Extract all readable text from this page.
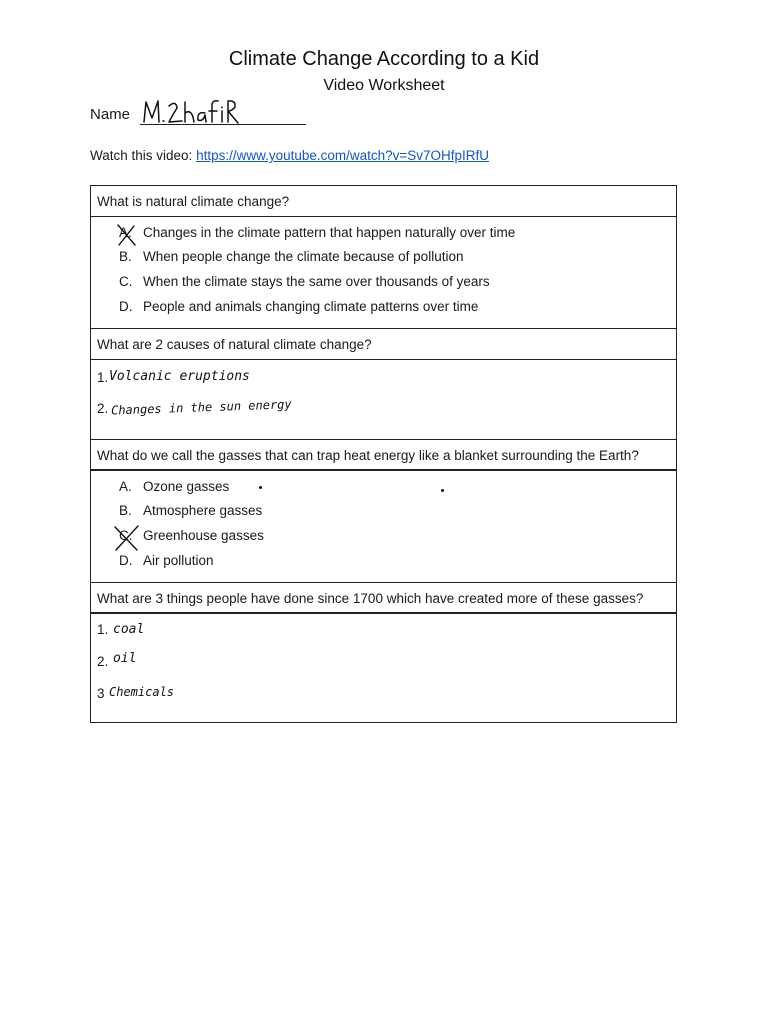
Climate Change According to a Kid
Video Worksheet
Name
Watch this video: https://www.youtube.com/watch?v=Sv7OHfpIRfU
What is natural climate change?
A. Changes in the climate pattern that happen naturally over time
B. When people change the climate because of pollution
C. When the climate stays the same over thousands of years
D. People and animals changing climate patterns over time
What are 2 causes of natural climate change?
1. Volcanic eruptions
2. Changes in the sun energy
What do we call the gasses that can trap heat energy like a blanket surrounding the Earth?
A. Ozone gasses
B. Atmosphere gasses
C. Greenhouse gasses
D. Air pollution
What are 3 things people have done since 1700 which have created more of these gasses?
1. coal
2. oil
3 Chemicals
